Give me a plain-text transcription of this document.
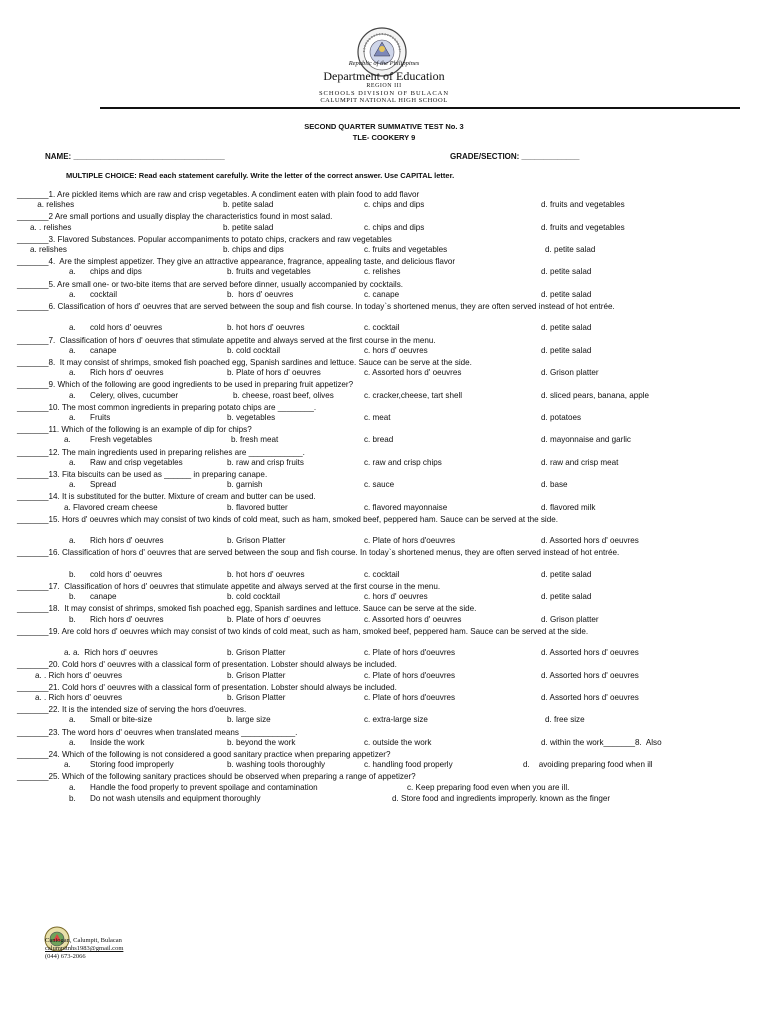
Republic of the Philippines
Department of Education
REGION III
SCHOOLS DIVISION OF BULACAN
CALUMPIT NATIONAL HIGH SCHOOL
SECOND QUARTER SUMMATIVE TEST No. 3
TLE- COOKERY 9
NAME: __________________________________	GRADE/SECTION: _____________
MULTIPLE CHOICE: Read each statement carefully. Write the letter of the correct answer. Use CAPITAL letter.
_______1. Are pickled items which are raw and crisp vegetables. A condiment eaten with plain food to add flavor
a. relishes	b. petite salad	c. chips and dips	d. fruits and vegetables
_______2 Are small portions and usually display the characteristics found in most salad.
a. . relishes	b. petite salad	c. chips and dips	d. fruits and vegetables
_______3. Flavored Substances. Popular accompaniments to potato chips, crackers and raw vegetables
a. relishes	b. chips and dips	c. fruits and vegetables	d. petite salad
_______4.  Are the simplest appetizer. They give an attractive appearance, fragrance, appealing taste, and delicious flavor
a. chips and dips	b. fruits and vegetables	c. relishes	d. petite salad
_______5. Are small one- or two-bite items that are served before dinner, usually accompanied by cocktails.
a. cocktail	b.  hors d' oeuvres	c. canape	d. petite salad
_______6. Classification of hors d' oeuvres that are served between the soup and fish course. In today`s shortened menus, they are often served instead of hot entrée.
a. cold hors d' oeuvres	b. hot hors d' oeuvres	c. cocktail	d. petite salad
_______7.  Classification of hors d' oeuvres that stimulate appetite and always served at the first course in the menu.
a. canape	b. cold cocktail	c. hors d' oeuvres	d. petite salad
_______8.  It may consist of shrimps, smoked fish poached egg, Spanish sardines and lettuce. Sauce can be serve at the side.
a. Rich hors d' oeuvres	b. Plate of hors d' oeuvres	c. Assorted hors d' oeuvres	d. Grison platter
_______9. Which of the following are good ingredients to be used in preparing fruit appetizer?
a. Celery, olives, cucumber	b. cheese, roast beef, olives	c. cracker,cheese, tart shell	d. sliced pears, banana, apple
_______10. The most common ingredients in preparing potato chips are ________.
a. Fruits	b. vegetables	c. meat	d. potatoes
_______11. Which of the following is an example of dip for chips?
a. Fresh vegetables	b. fresh meat	c. bread	d. mayonnaise and garlic
_______12. The main ingredients used in preparing relishes are ____________.
a. Raw and crisp vegetables	b. raw and crisp fruits	c. raw and crisp chips	d. raw and crisp meat
_______13. Fita biscuits can be used as ______ in preparing canape.
a. Spread	b. garnish	c. sauce	d. base
_______14. It is substituted for the butter. Mixture of cream and butter can be used.
a. Flavored cream cheese	b. flavored butter	c. flavored mayonnaise	d. flavored milk
_______15. Hors d' oeuvres which may consist of two kinds of cold meat, such as ham, smoked beef, peppered ham. Sauce can be served at the side.
a. Rich hors d' oeuvres	b. Grison Platter	c. Plate of hors d'oeuvres	d. Assorted hors d' oeuvres
_______16. Classification of hors d' oeuvres that are served between the soup and fish course. In today`s shortened menus, they are often served instead of hot entrée.
b. cold hors d' oeuvres	b. hot hors d' oeuvres	c. cocktail	d. petite salad
_______17.  Classification of hors d' oeuvres that stimulate appetite and always served at the first course in the menu.
b. canape	b. cold cocktail	c. hors d' oeuvres	d. petite salad
_______18.  It may consist of shrimps, smoked fish poached egg, Spanish sardines and lettuce. Sauce can be serve at the side.
b. Rich hors d' oeuvres	b. Plate of hors d' oeuvres	c. Assorted hors d' oeuvres	d. Grison platter
_______19. Are cold hors d' oeuvres which may consist of two kinds of cold meat, such as ham, smoked beef, peppered ham. Sauce can be served at the side.
a. a.  Rich hors d' oeuvres	b. Grison Platter	c. Plate of hors d'oeuvres	d. Assorted hors d' oeuvres
_______20. Cold hors d' oeuvres with a classical form of presentation. Lobster should always be included.
a. . Rich hors d' oeuvres	b. Grison Platter	c. Plate of hors d'oeuvres	d. Assorted hors d' oeuvres
_______21. Cold hors d' oeuvres with a classical form of presentation. Lobster should always be included.
a. . Rich hors d' oeuvres	b. Grison Platter	c. Plate of hors d'oeuvres	d. Assorted hors d' oeuvres
_______22. It is the intended size of serving the hors d'oeuvres.
a. Small or bite-size	b. large size	c. extra-large size	d. free size
_______23. The word hors d' oeuvres when translated means ____________.
a. Inside the work	b. beyond the work	c. outside the work	d. within the work_______8.  Also
_______24. Which of the following is not considered a good sanitary practice when preparing appetizer?
a. Storing food improperly	b. washing tools thoroughly	c. handling food properly	d.    avoiding preparing food when ill
_______25. Which of the following sanitary practices should be observed when preparing a range of appetizer?
a. Handle the food properly to prevent spoilage and contamination	c. Keep preparing food even when you are ill.
b. Do not wash utensils and equipment thoroughly	d. Store food and ingredients improperly. known as the finger
Caniogan, Calumpit, Bulacan
calumpitnhs1983@gmail.com
(044) 673-2066
